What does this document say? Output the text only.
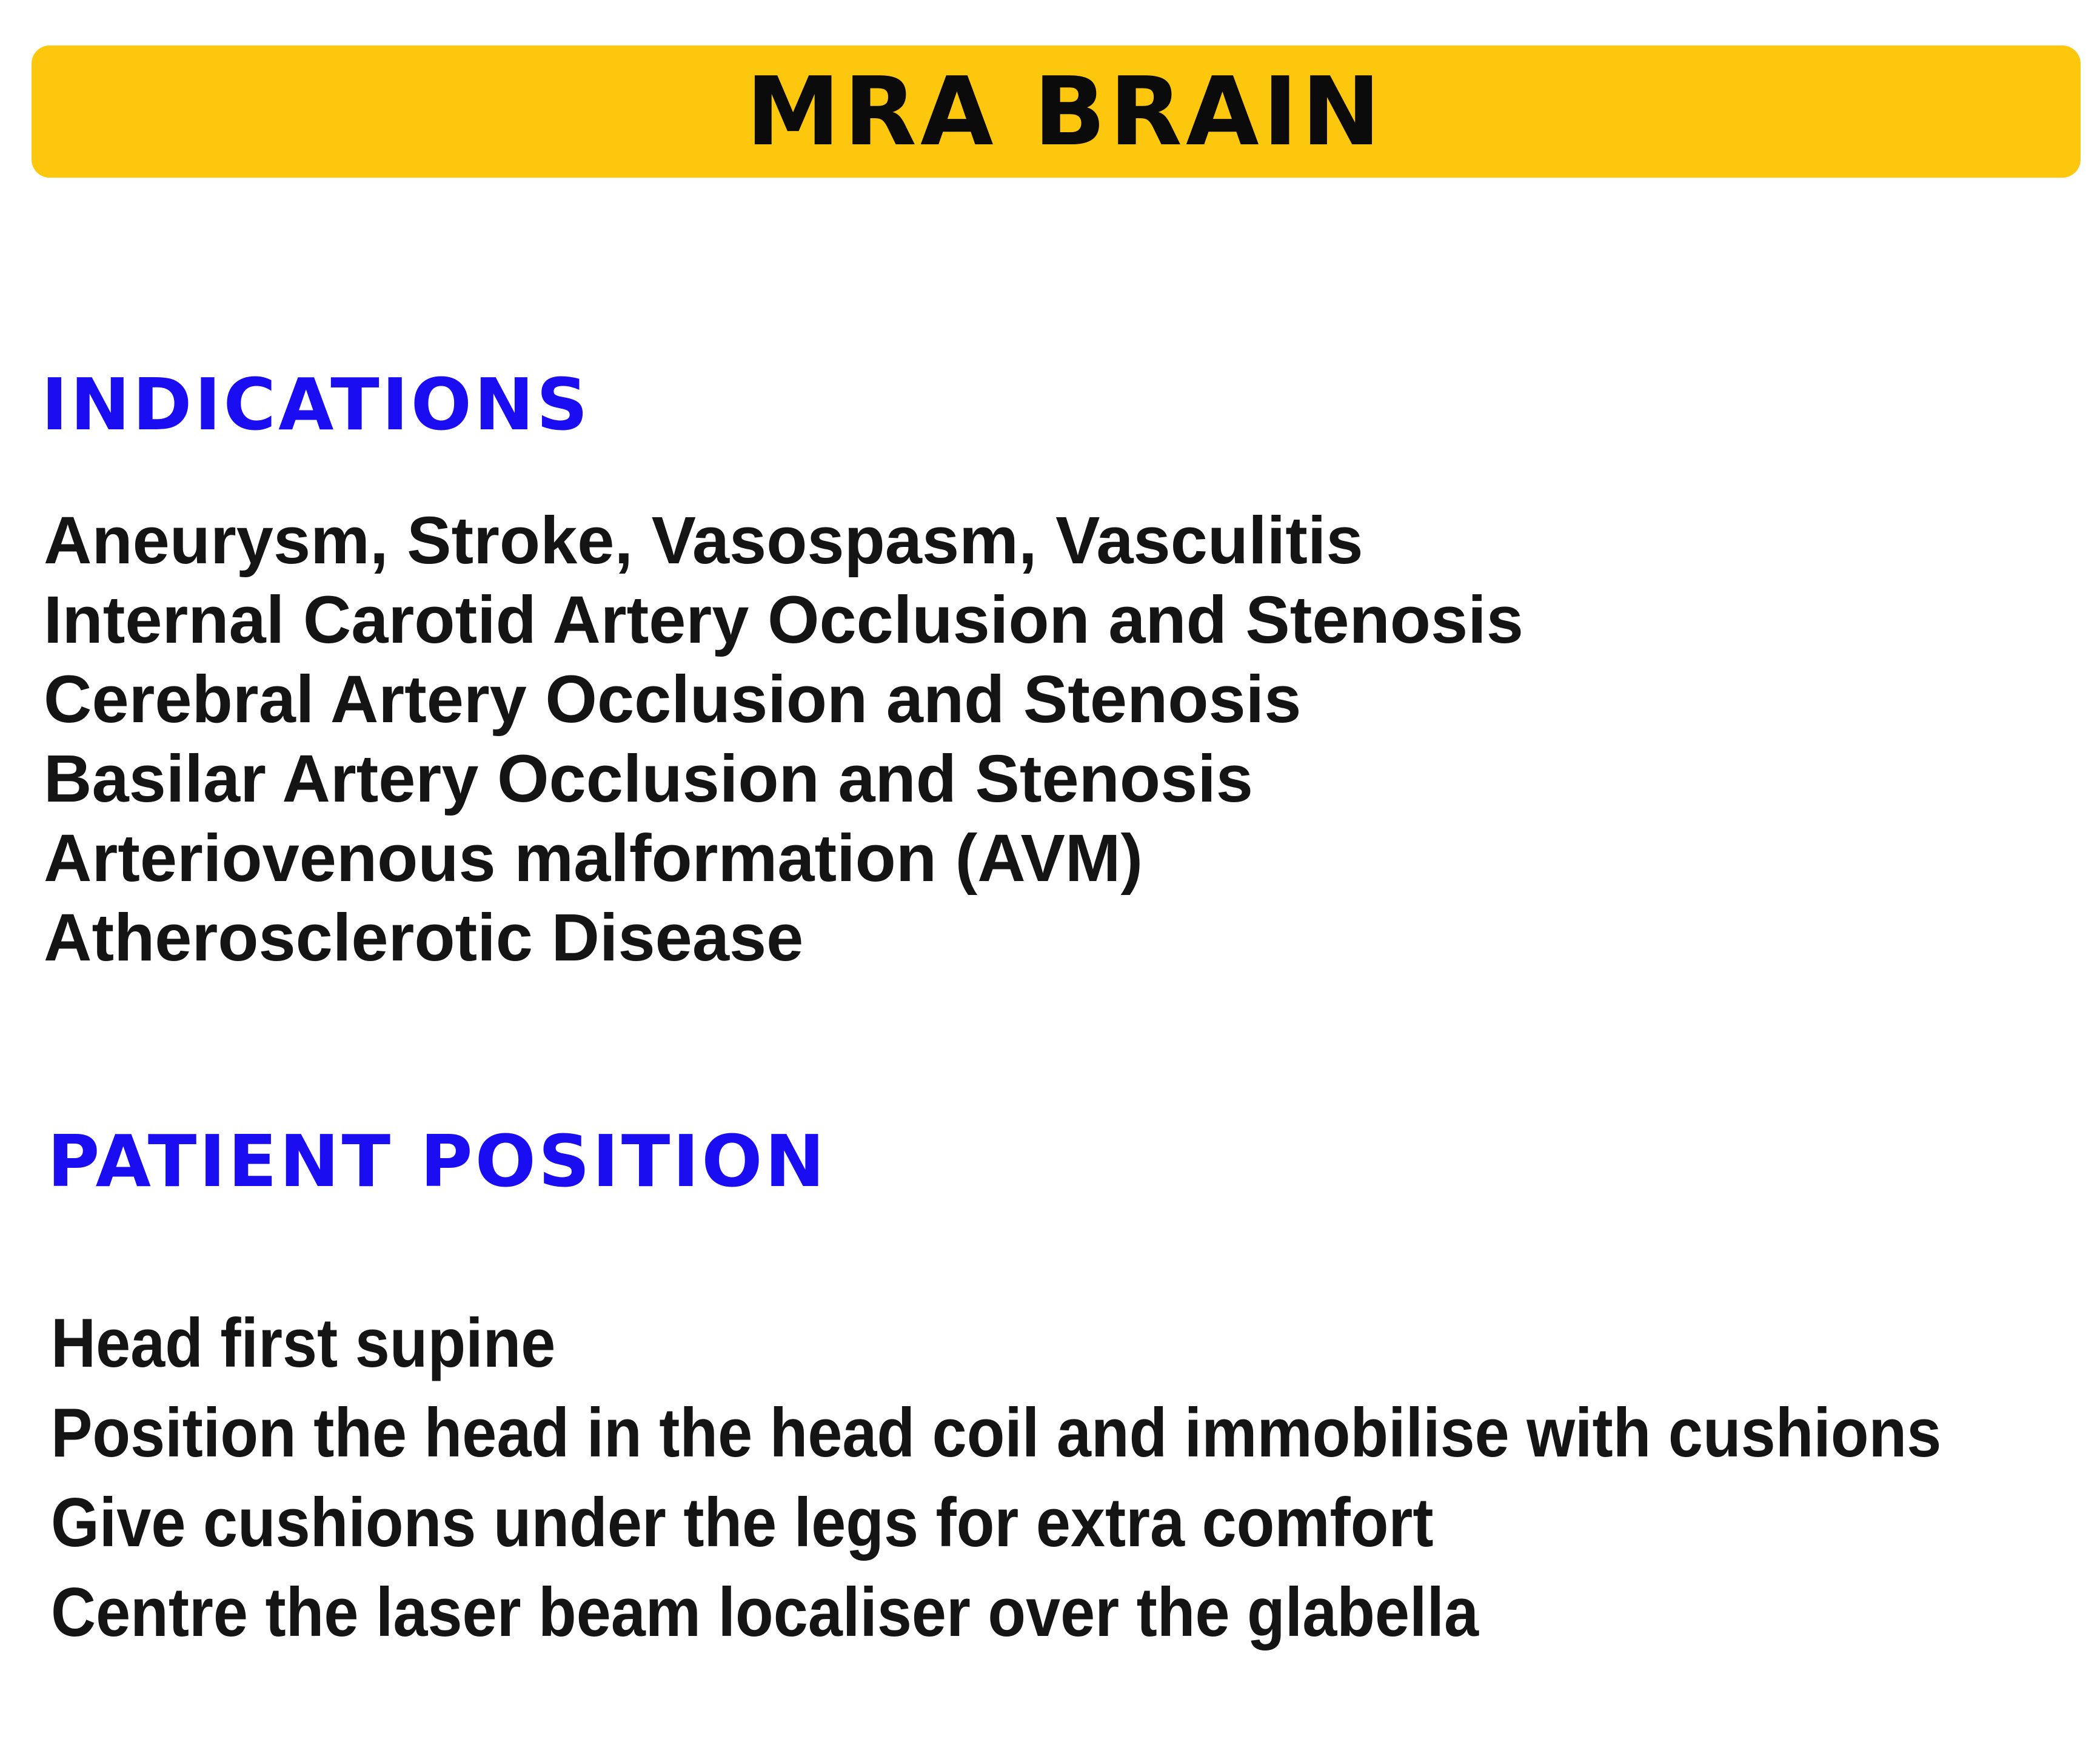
MRA BRAIN
INDICATIONS
Aneurysm, Stroke, Vasospasm, Vasculitis
Internal Carotid Artery Occlusion and Stenosis
Cerebral Artery Occlusion and Stenosis
Basilar Artery Occlusion and Stenosis
Arteriovenous malformation (AVM)
Atherosclerotic Disease
PATIENT POSITION
Head first supine
Position the head in the head coil and immobilise with cushions
Give cushions under the legs for extra comfort
Centre the laser beam localiser over the glabella
